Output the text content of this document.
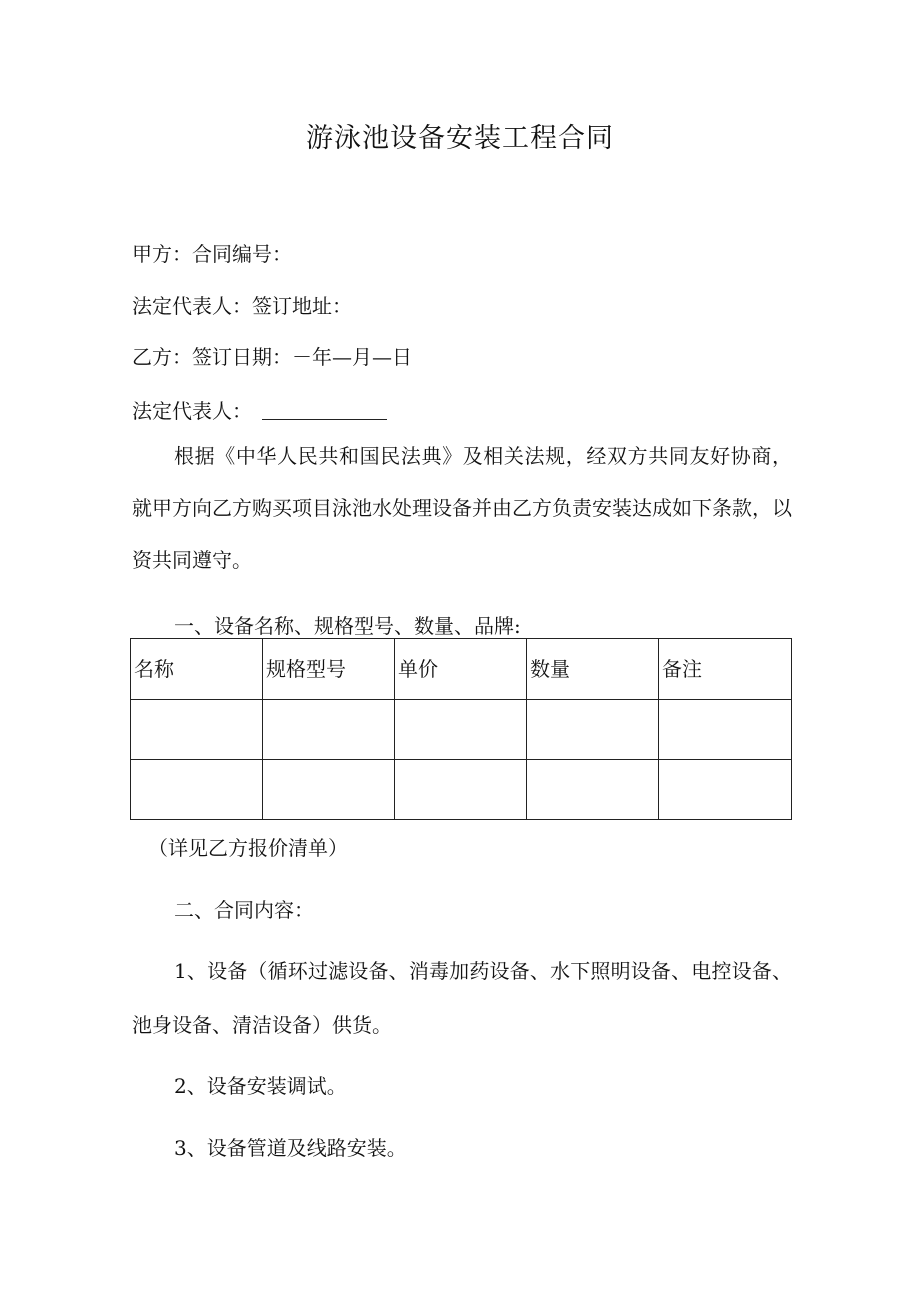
游泳池设备安装工程合同
甲方：合同编号：
法定代表人：签订地址：
乙方：签订日期：－年—月—日
法定代表人：
根据《中华人民共和国民法典》及相关法规，经双方共同友好协商，就甲方向乙方购买项目泳池水处理设备并由乙方负责安装达成如下条款，以资共同遵守。
一、设备名称、规格型号、数量、品牌:
名称	规格型号	单价	数量	备注

（详见乙方报价清单）
二、合同内容：
1、设备（循环过滤设备、消毒加药设备、水下照明设备、电控设备、池身设备、清洁设备）供货。
2、设备安装调试。
3、设备管道及线路安装。
